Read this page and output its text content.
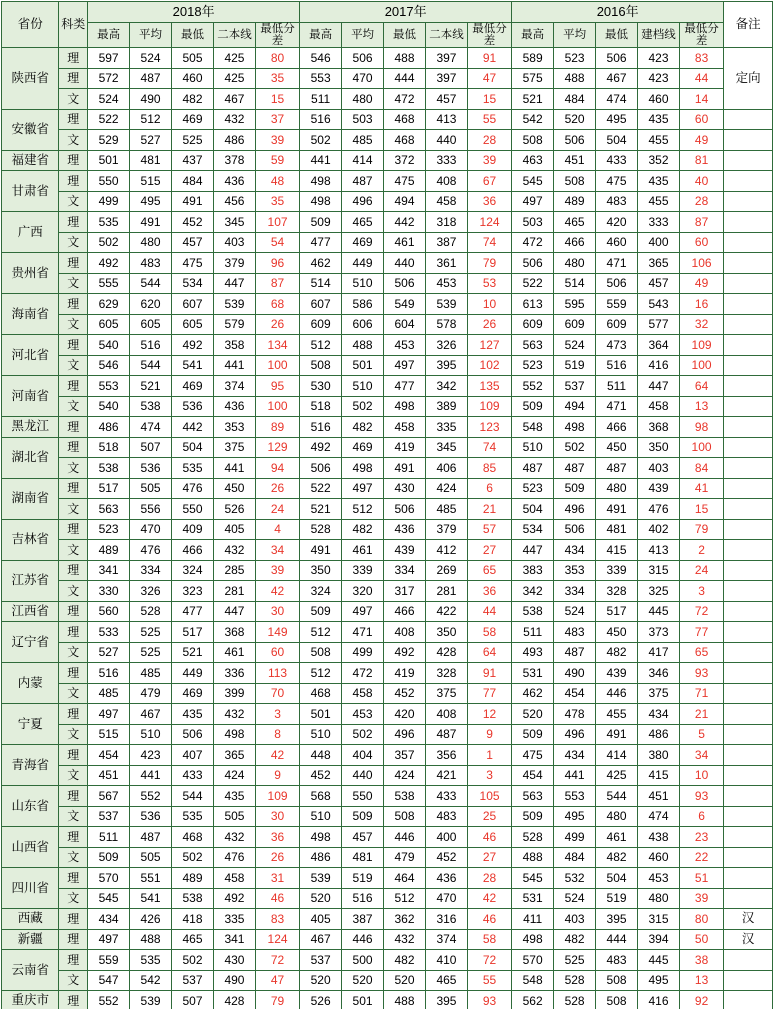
省份	科类	2018年					2017年					2016年					备注
		最高	平均	最低	二本线	最低分差	最高	平均	最低	二本线	最低分差	最高	平均	最低	建档线	最低分差	
陕西省	理	597	524	505	425	80	546	506	488	397	91	589	523	506	423	83	定向
	理	572	487	460	425	35	553	470	444	397	47	575	488	467	423	44	
	文	524	490	482	467	15	511	480	472	457	15	521	484	474	460	14	
安徽省	理	522	512	469	432	37	516	503	468	413	55	542	520	495	435	60	
	文	529	527	525	486	39	502	485	468	440	28	508	506	504	455	49	
福建省	理	501	481	437	378	59	441	414	372	333	39	463	451	433	352	81	
甘肃省	理	550	515	484	436	48	498	487	475	408	67	545	508	475	435	40	
	文	499	495	491	456	35	498	496	494	458	36	497	489	483	455	28	
广西	理	535	491	452	345	107	509	465	442	318	124	503	465	420	333	87	
	文	502	480	457	403	54	477	469	461	387	74	472	466	460	400	60	
贵州省	理	492	483	475	379	96	462	449	440	361	79	506	480	471	365	106	
	文	555	544	534	447	87	514	510	506	453	53	522	514	506	457	49	
海南省	理	629	620	607	539	68	607	586	549	539	10	613	595	559	543	16	
	文	605	605	605	579	26	609	606	604	578	26	609	609	609	577	32	
河北省	理	540	516	492	358	134	512	488	453	326	127	563	524	473	364	109	
	文	546	544	541	441	100	508	501	497	395	102	523	519	516	416	100	
河南省	理	553	521	469	374	95	530	510	477	342	135	552	537	511	447	64	
	文	540	538	536	436	100	518	502	498	389	109	509	494	471	458	13	
黑龙江	理	486	474	442	353	89	516	482	458	335	123	548	498	466	368	98	
湖北省	理	518	507	504	375	129	492	469	419	345	74	510	502	450	350	100	
	文	538	536	535	441	94	506	498	491	406	85	487	487	487	403	84	
湖南省	理	517	505	476	450	26	522	497	430	424	6	523	509	480	439	41	
	文	563	556	550	526	24	521	512	506	485	21	504	496	491	476	15	
吉林省	理	523	470	409	405	4	528	482	436	379	57	534	506	481	402	79	
	文	489	476	466	432	34	491	461	439	412	27	447	434	415	413	2	
江苏省	理	341	334	324	285	39	350	339	334	269	65	383	353	339	315	24	
	文	330	326	323	281	42	324	320	317	281	36	342	334	328	325	3	
江西省	理	560	528	477	447	30	509	497	466	422	44	538	524	517	445	72	
辽宁省	理	533	525	517	368	149	512	471	408	350	58	511	483	450	373	77	
	文	527	525	521	461	60	508	499	492	428	64	493	487	482	417	65	
内蒙	理	516	485	449	336	113	512	472	419	328	91	531	490	439	346	93	
	文	485	479	469	399	70	468	458	452	375	77	462	454	446	375	71	
宁夏	理	497	467	435	432	3	501	453	420	408	12	520	478	455	434	21	
	文	515	510	506	498	8	510	502	496	487	9	509	496	491	486	5	
青海省	理	454	423	407	365	42	448	404	357	356	1	475	434	414	380	34	
	文	451	441	433	424	9	452	440	424	421	3	454	441	425	415	10	
山东省	理	567	552	544	435	109	568	550	538	433	105	563	553	544	451	93	
	文	537	536	535	505	30	510	509	508	483	25	509	495	480	474	6	
山西省	理	511	487	468	432	36	498	457	446	400	46	528	499	461	438	23	
	文	509	505	502	476	26	486	481	479	452	27	488	484	482	460	22	
四川省	理	570	551	489	458	31	539	519	464	436	28	545	532	504	453	51	
	文	545	541	538	492	46	520	516	512	470	42	531	524	519	480	39	
西藏	理	434	426	418	335	83	405	387	362	316	46	411	403	395	315	80	汉
新疆	理	497	488	465	341	124	467	446	432	374	58	498	482	444	394	50	汉
云南省	理	559	535	502	430	72	537	500	482	410	72	570	525	483	445	38	
	文	547	542	537	490	47	520	520	520	465	55	548	528	508	495	13	
重庆市	理	552	539	507	428	79	526	501	488	395	93	562	528	508	416	92	
